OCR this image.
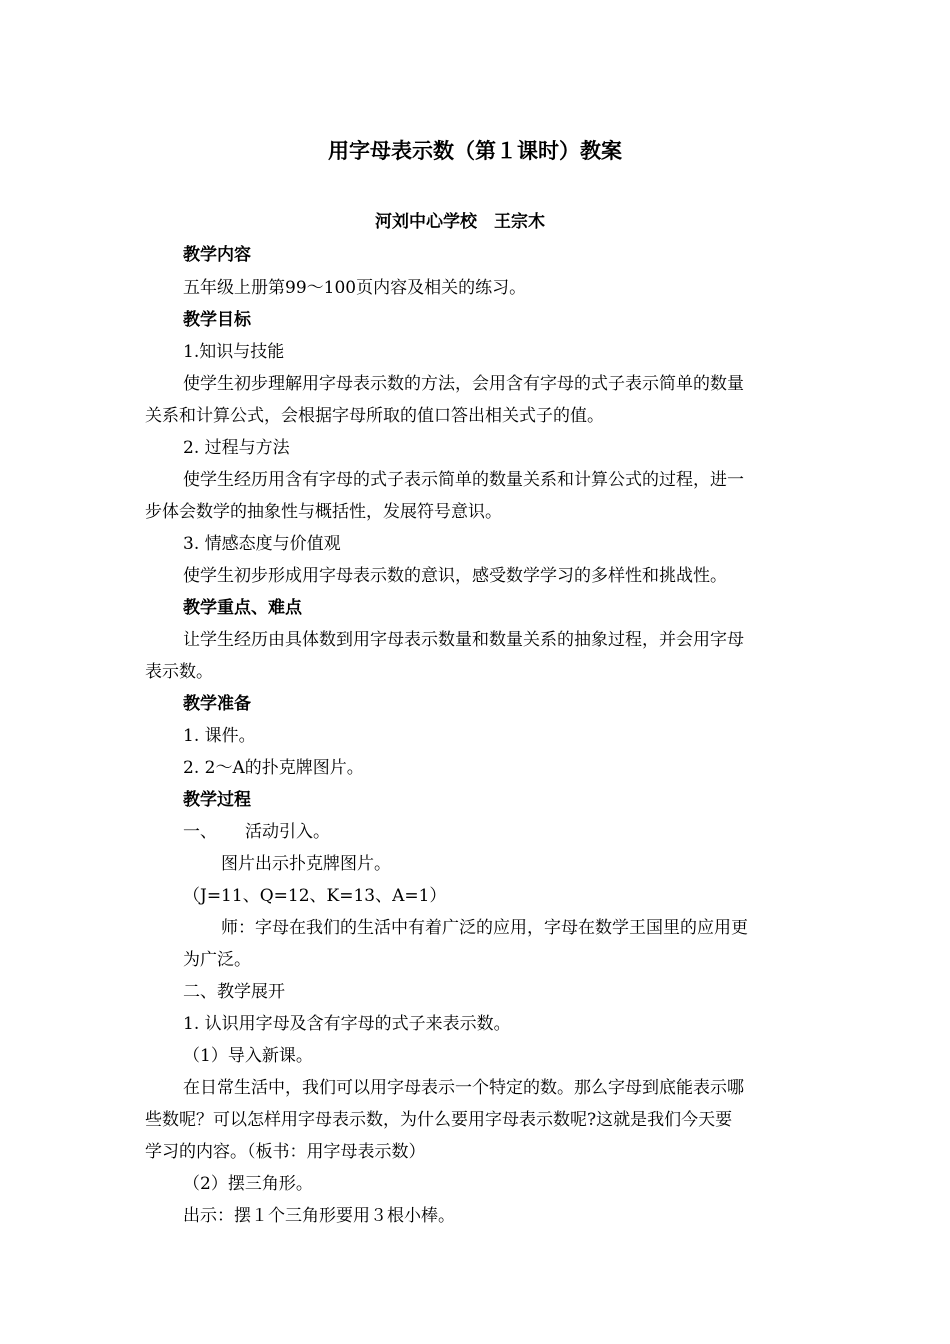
用字母表示数（第１课时）教案
河刘中心学校　王宗木
教学内容
五年级上册第99～100页内容及相关的练习。
教学目标
1.知识与技能
使学生初步理解用字母表示数的方法，会用含有字母的式子表示简单的数量
关系和计算公式，会根据字母所取的值口答出相关式子的值。
2. 过程与方法
使学生经历用含有字母的式子表示简单的数量关系和计算公式的过程，进一
步体会数学的抽象性与概括性，发展符号意识。
3. 情感态度与价值观
使学生初步形成用字母表示数的意识，感受数学学习的多样性和挑战性。
教学重点、难点
让学生经历由具体数到用字母表示数量和数量关系的抽象过程，并会用字母
表示数。
教学准备
1. 课件。
2. 2～A的扑克牌图片。
教学过程
一、 活动引入。
图片出示扑克牌图片。
（J=11、Q=12、K=13、A=1）
师：字母在我们的生活中有着广泛的应用，字母在数学王国里的应用更
为广泛。
二、教学展开
1. 认识用字母及含有字母的式子来表示数。
（1）导入新课。
在日常生活中，我们可以用字母表示一个特定的数。那么字母到底能表示哪
些数呢？可以怎样用字母表示数，为什么要用字母表示数呢?这就是我们今天要
学习的内容。（板书：用字母表示数）
（2）摆三角形。
出示：摆１个三角形要用３根小棒。
